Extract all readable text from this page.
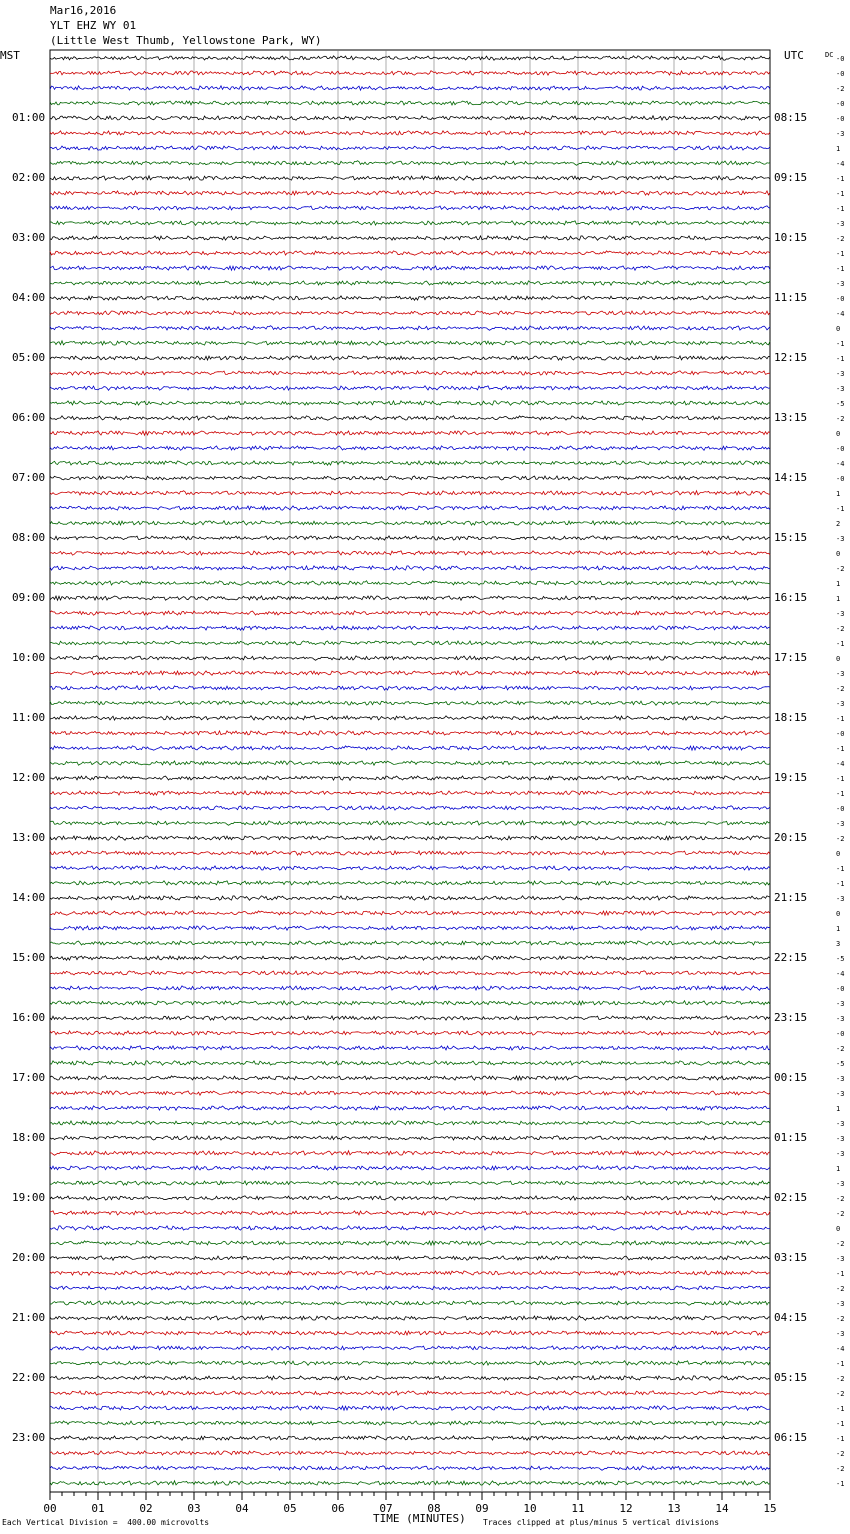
Mar16,2016
YLT EHZ WY 01
(Little West Thumb, Yellowstone Park, WY)
MST	UTC	DC
01:00	08:15
02:00	09:15
03:00	10:15
04:00	11:15
05:00	12:15
06:00	13:15
07:00	14:15
08:00	15:15
09:00	16:15
10:00	17:15
11:00	18:15
12:00	19:15
13:00	20:15
14:00	21:15
15:00	22:15
16:00	23:15
17:00	00:15
18:00	01:15
19:00	02:15
20:00	03:15
21:00	04:15
22:00	05:15
23:00	06:15
-0
-0
-2
-0
-0
-3
1
-4
-1
-1
-1
-3
-2
-1
-1
-3
-0
-4
0
-1
-1
-3
-3
-5
-2
0
-0
-4
-0
1
-1
2
-3
0
-2
1
1
-3
-2
-1
0
-3
-2
-3
-1
-0
-1
-4
-1
-1
-0
-3
-2
0
-1
-1
-3
0
1
3
-5
-4
-0
-3
-3
-0
-2
-5
-3
-3
1
-3
-3
-3
1
-3
-2
-2
0
-2
-3
-1
-2
-3
-2
-3
-4
-1
-2
-2
-1
-1
-1
-2
-2
-1
00	01	02	03	04	05	06	07	08	09	10	11	12	13	14	15
Each Vertical Division =  400.00 microvolts	TIME (MINUTES) Traces clipped at plus/minus 5 vertical divisions
